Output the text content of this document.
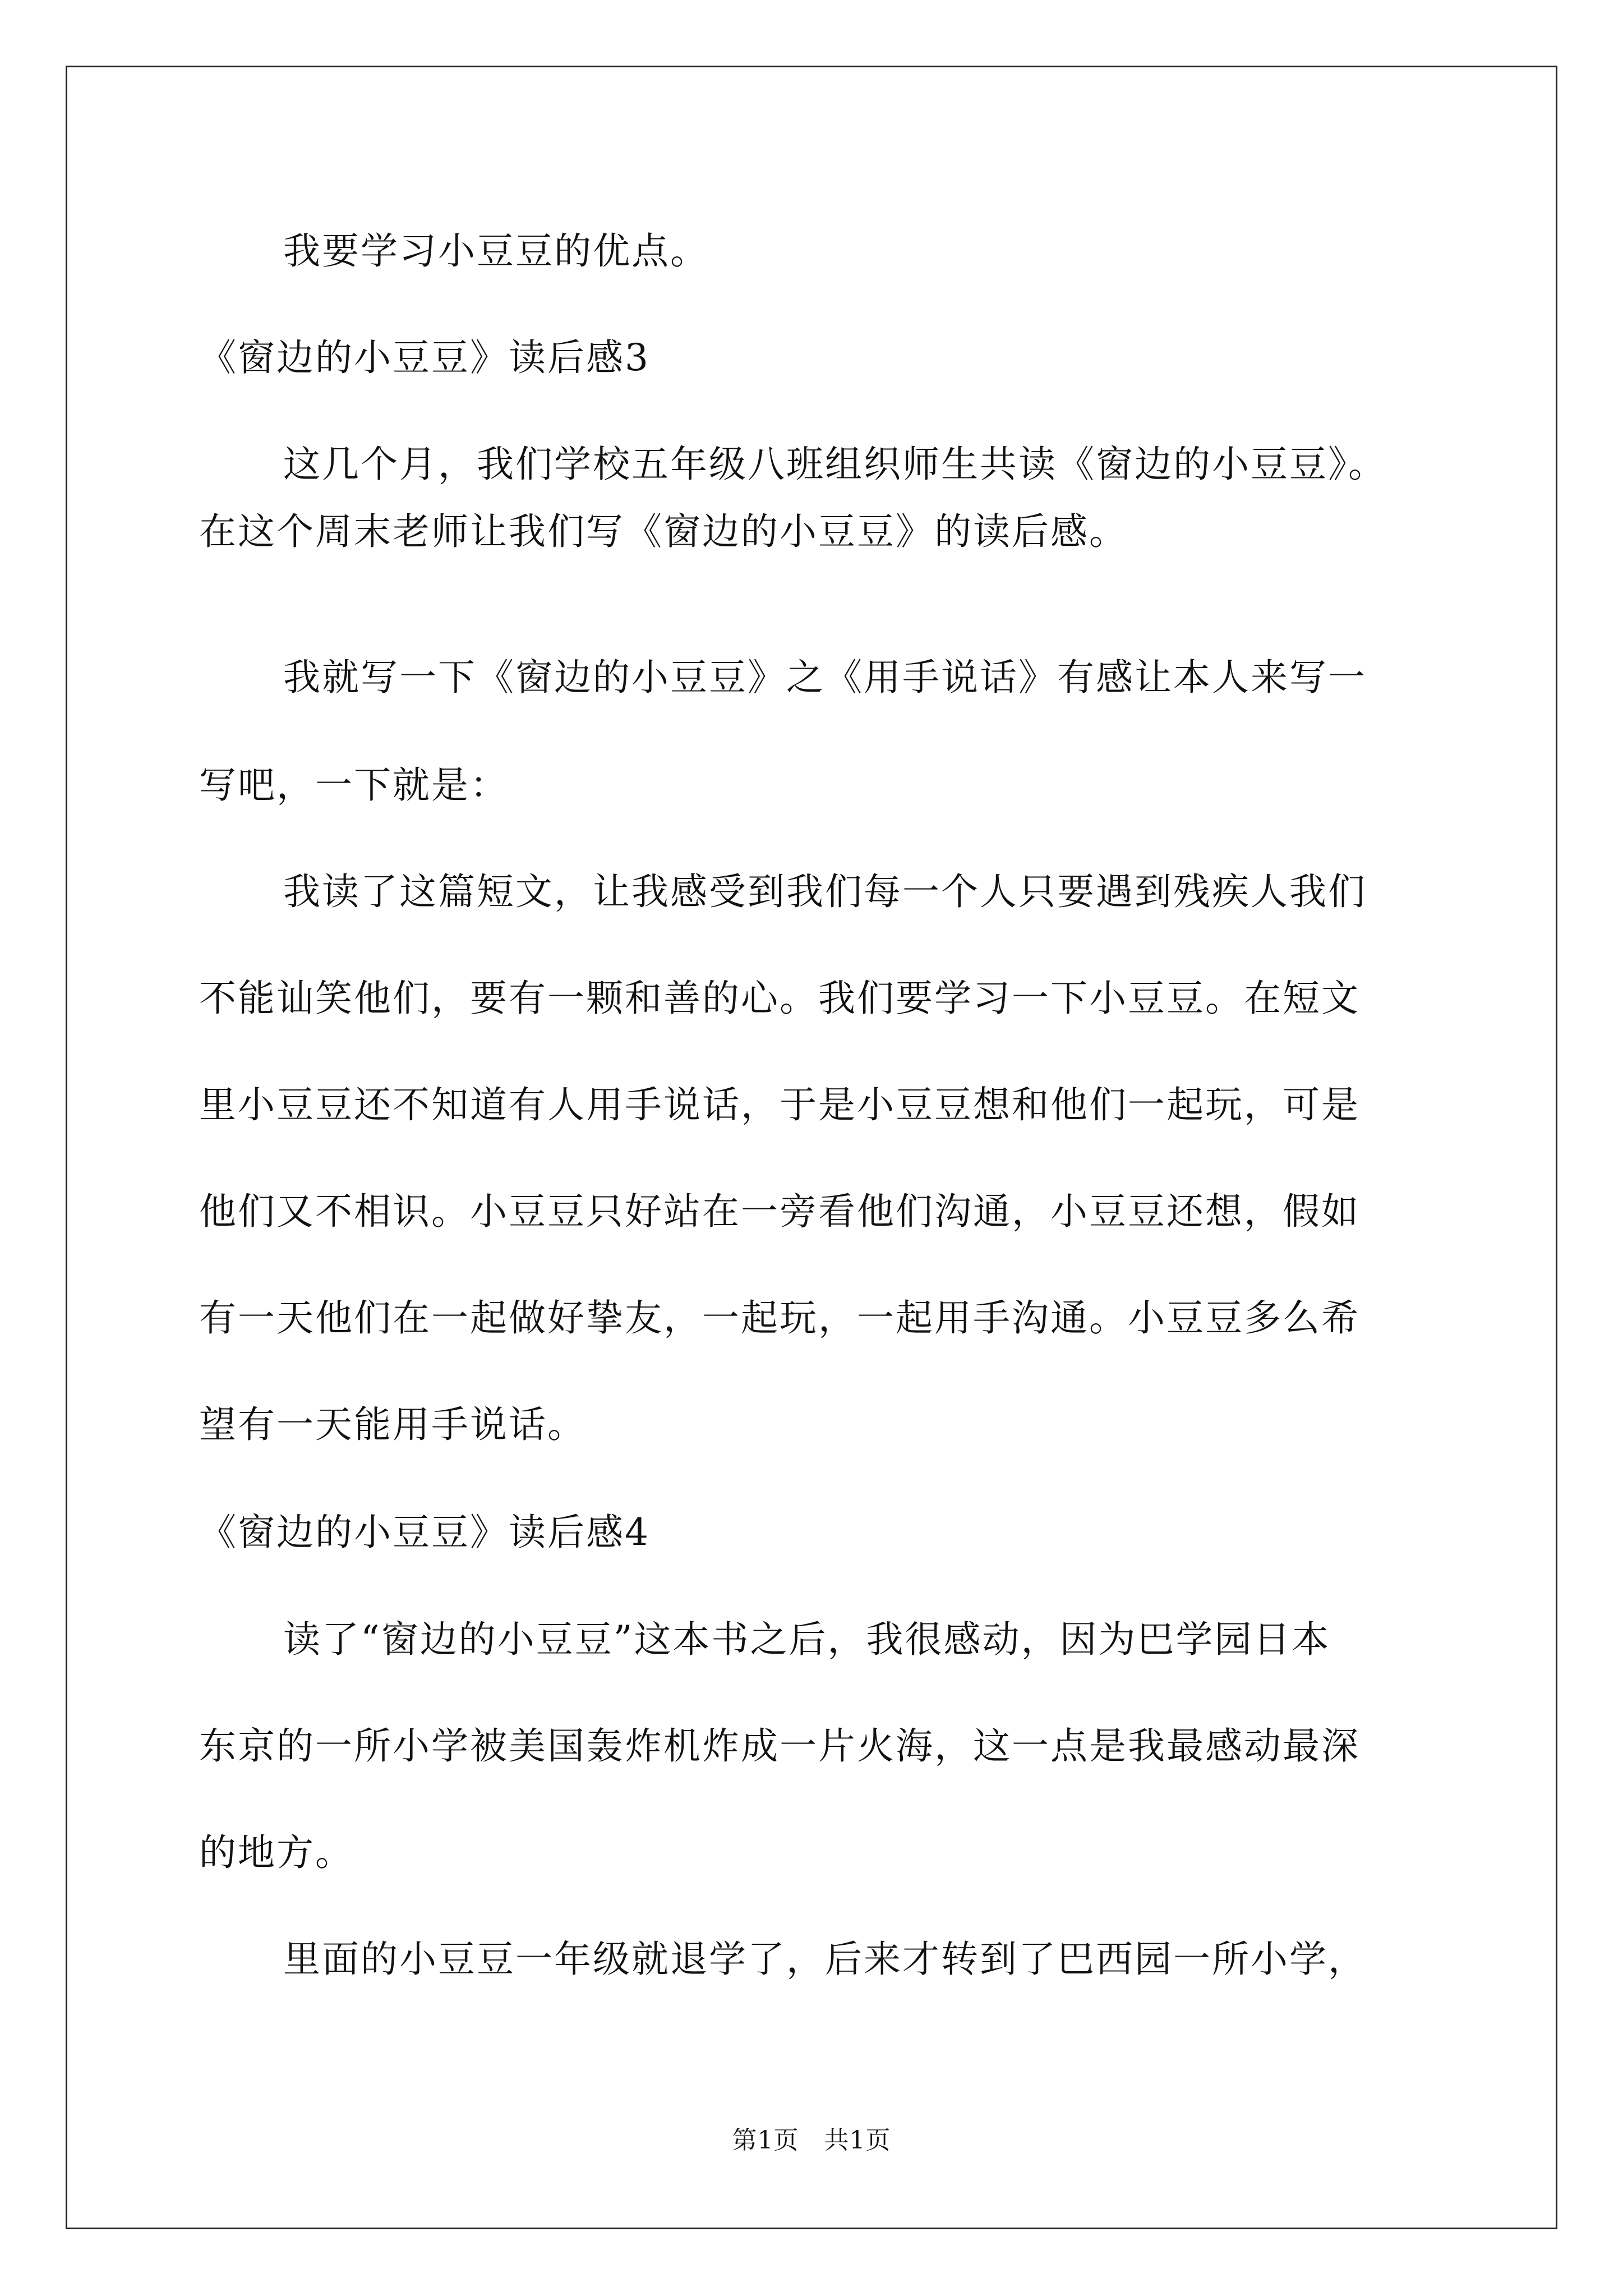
我要学习小豆豆的优点。
《窗边的小豆豆》读后感3
这几个月，我们学校五年级八班组织师生共读《窗边的小豆豆》。
在这个周末老师让我们写《窗边的小豆豆》的读后感。
我就写一下《窗边的小豆豆》之《用手说话》有感让本人来写一
写吧，一下就是：
我读了这篇短文，让我感受到我们每一个人只要遇到残疾人我们
不能讪笑他们，要有一颗和善的心。我们要学习一下小豆豆。在短文
里小豆豆还不知道有人用手说话，于是小豆豆想和他们一起玩，可是
他们又不相识。小豆豆只好站在一旁看他们沟通，小豆豆还想，假如
有一天他们在一起做好挚友，一起玩，一起用手沟通。小豆豆多么希
望有一天能用手说话。
《窗边的小豆豆》读后感4
读了“窗边的小豆豆”这本书之后，我很感动，因为巴学园日本
东京的一所小学被美国轰炸机炸成一片火海，这一点是我最感动最深
的地方。
里面的小豆豆一年级就退学了，后来才转到了巴西园一所小学，
第1页　共1页
